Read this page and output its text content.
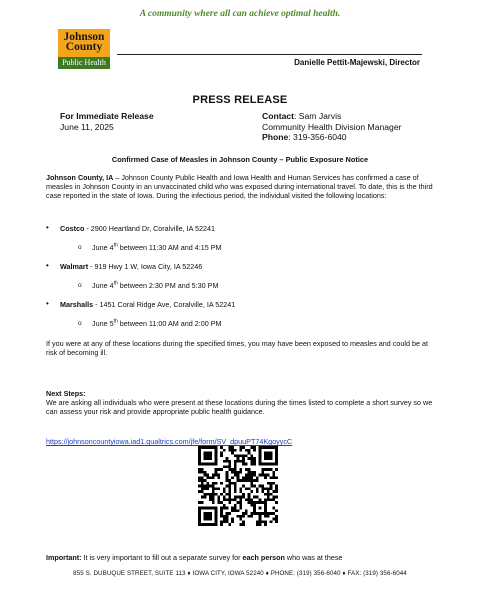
A community where all can achieve optimal health.
Johnson
County
Public Health	Danielle Pettit-Majewski, Director
PRESS RELEASE
For Immediate Release
June 11, 2025
Contact: Sam Jarvis
Community Health Division Manager
Phone: 319-356-6040
Confirmed Case of Measles in Johnson County – Public Exposure Notice
Johnson County, IA – Johnson County Public Health and Iowa Health and Human Services has confirmed a case of measles in Johnson County in an unvaccinated child who was exposed during international travel. To date, this is the third case reported in the state of Iowa. During the infectious period, the individual visited the following locations:
• Costco - 2900 Heartland Dr, Coralville, IA 52241
o June 4th between 11:30 AM and 4:15 PM
• Walmart - 919 Hwy 1 W, Iowa City, IA 52246
o June 4th between 2:30 PM and 5:30 PM
• Marshalls - 1451 Coral Ridge Ave, Coralville, IA 52241
o June 5th between 11:00 AM and 2:00 PM
If you were at any of these locations during the specified times, you may have been exposed to measles and could be at risk of becoming ill.
Next Steps:
We are asking all individuals who were present at these locations during the times listed to complete a short survey so we can assess your risk and provide appropriate public health guidance.
https://johnsoncountyiowa.iad1.qualtrics.com/jfe/form/SV_dpuuPT74KgoyycC
Important: It is very important to fill out a separate survey for each person who was at these
855 S. DUBUQUE STREET, SUITE 113 ♦ IOWA CITY, IOWA 52240 ♦ PHONE: (319) 356-6040 ♦ FAX: (319) 356-6044
